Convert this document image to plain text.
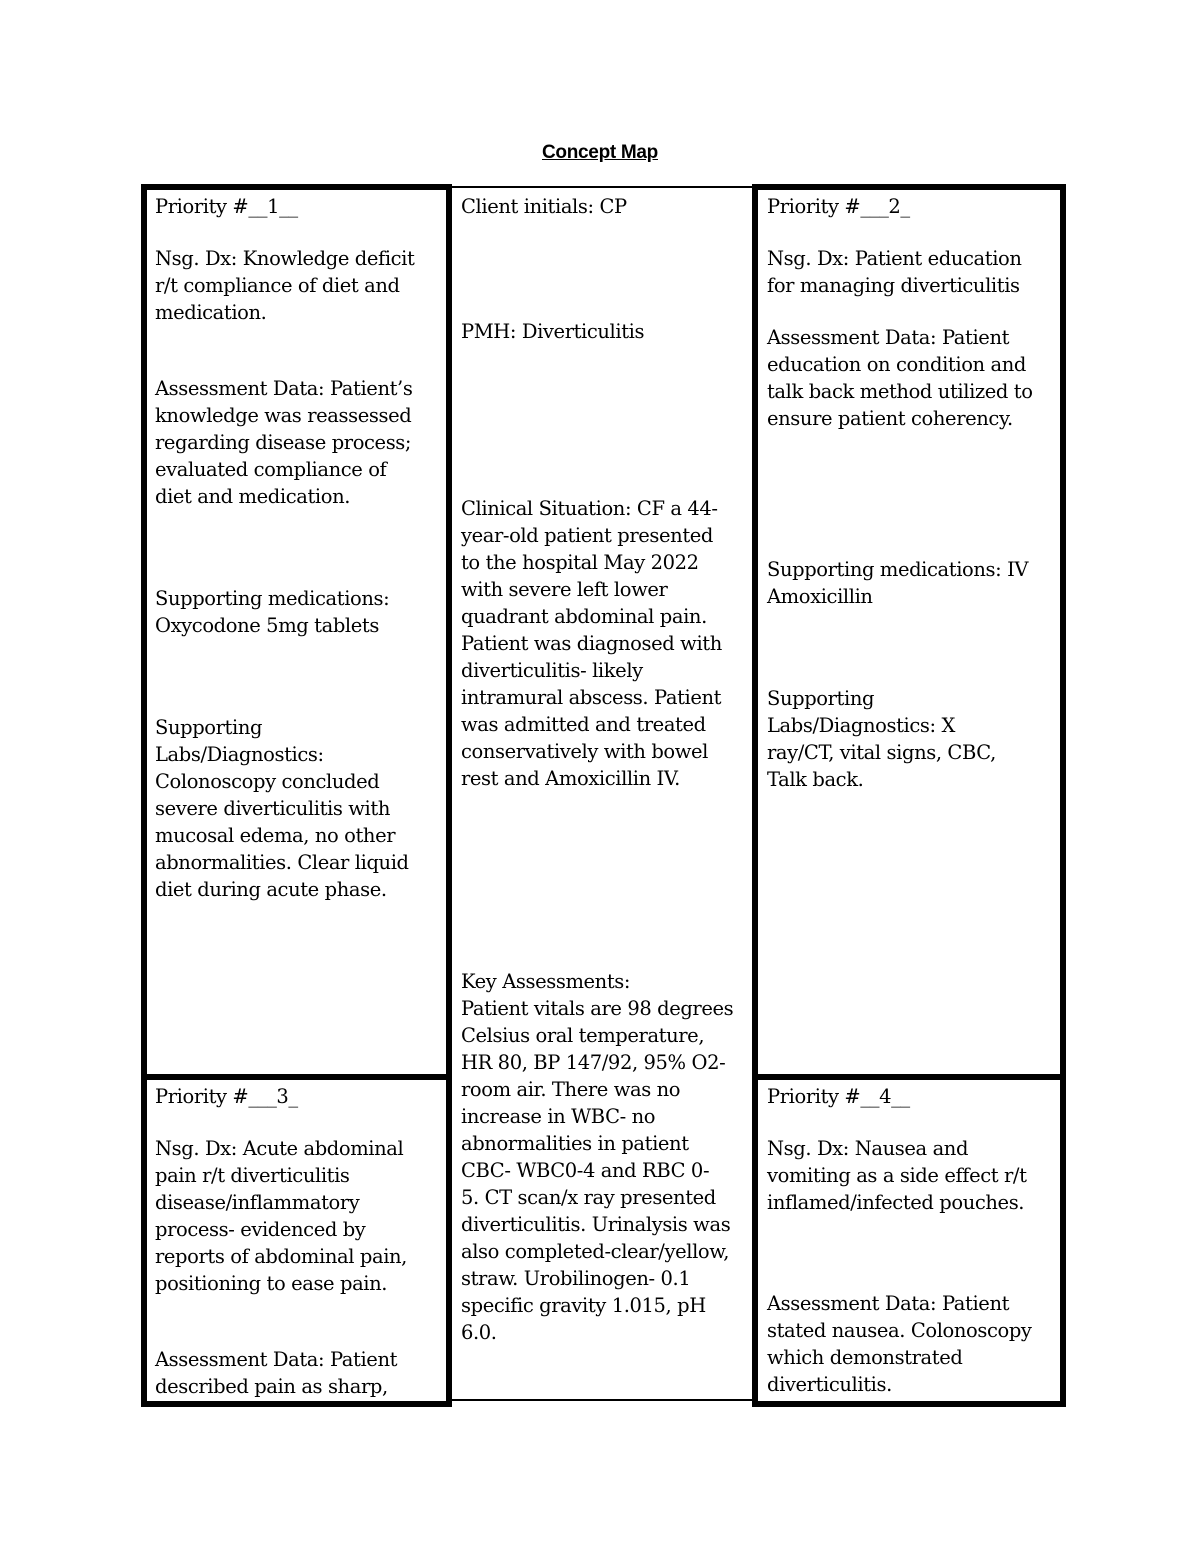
Concept Map
Priority #__1__
Nsg. Dx: Knowledge deficit
r/t compliance of diet and
medication.
Assessment Data: Patient’s
knowledge was reassessed
regarding disease process;
evaluated compliance of
diet and medication.
Supporting medications:
Oxycodone 5mg tablets
Supporting
Labs/Diagnostics:
Colonoscopy concluded
severe diverticulitis with
mucosal edema, no other
abnormalities. Clear liquid
diet during acute phase.
Priority #___3_
Nsg. Dx: Acute abdominal
pain r/t diverticulitis
disease/inflammatory
process- evidenced by
reports of abdominal pain,
positioning to ease pain.
Assessment Data: Patient
described pain as sharp,
Client initials: CP
PMH: Diverticulitis
Clinical Situation: CF a 44-
year-old patient presented
to the hospital May 2022
with severe left lower
quadrant abdominal pain.
Patient was diagnosed with
diverticulitis- likely
intramural abscess. Patient
was admitted and treated
conservatively with bowel
rest and Amoxicillin IV.
Key Assessments:
Patient vitals are 98 degrees
Celsius oral temperature,
HR 80, BP 147/92, 95% O2-
room air. There was no
increase in WBC- no
abnormalities in patient
CBC- WBC0-4 and RBC 0-
5. CT scan/x ray presented
diverticulitis. Urinalysis was
also completed-clear/yellow,
straw. Urobilinogen- 0.1
specific gravity 1.015, pH
6.0.
Priority #___2_
Nsg. Dx: Patient education
for managing diverticulitis
Assessment Data: Patient
education on condition and
talk back method utilized to
ensure patient coherency.
Supporting medications: IV
Amoxicillin
Supporting
Labs/Diagnostics: X
ray/CT, vital signs, CBC,
Talk back.
Priority #__4__
Nsg. Dx: Nausea and
vomiting as a side effect r/t
inflamed/infected pouches.
Assessment Data: Patient
stated nausea. Colonoscopy
which demonstrated
diverticulitis.
